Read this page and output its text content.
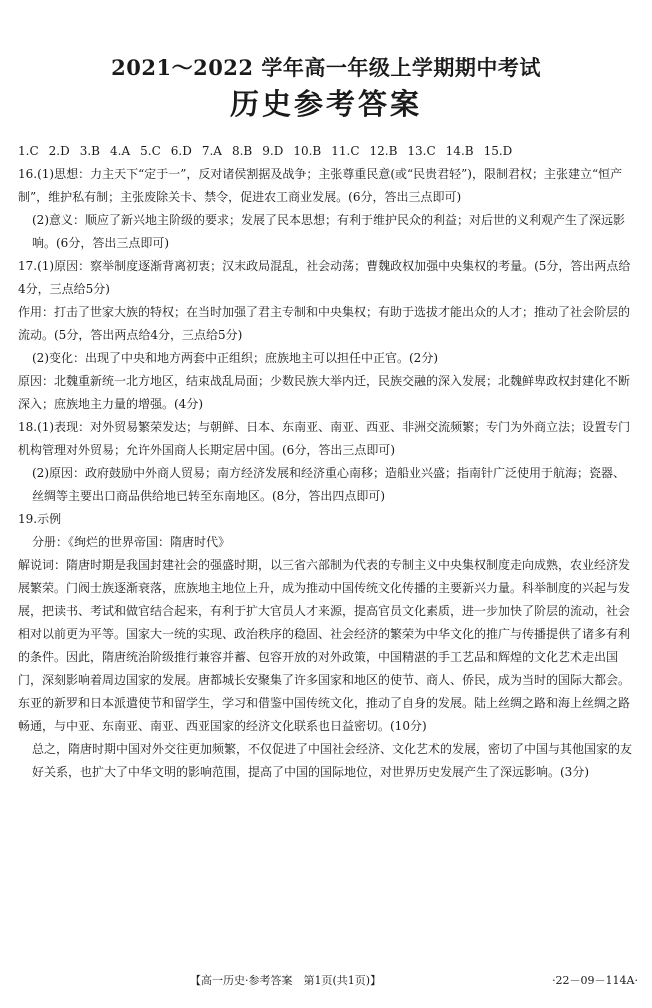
2021～2022 学年高一年级上学期期中考试
历史参考答案

1.C 2.D 3.B 4.A 5.C 6.D 7.A 8.B 9.D 10.B 11.C 12.B 13.C 14.B 15.D

16.(1)思想：力主天下“定于一”，反对诸侯割据及战争；主张尊重民意(或“民贵君轻”)，限制君权；主张建立“恒产制”，维护私有制；主张废除关卡、禁令，促进农工商业发展。(6分，答出三点即可)

(2)意义：顺应了新兴地主阶级的要求；发展了民本思想；有利于维护民众的利益；对后世的义利观产生了深远影响。(6分，答出三点即可)

17.(1)原因：察举制度逐渐背离初衷；汉末政局混乱，社会动荡；曹魏政权加强中央集权的考量。(5分，答出两点给4分，三点给5分)

作用：打击了世家大族的特权；在当时加强了君主专制和中央集权；有助于选拔才能出众的人才；推动了社会阶层的流动。(5分，答出两点给4分，三点给5分)

(2)变化：出现了中央和地方两套中正组织；庶族地主可以担任中正官。(2分)

原因：北魏重新统一北方地区，结束战乱局面；少数民族大举内迁，民族交融的深入发展；北魏鲜卑政权封建化不断深入；庶族地主力量的增强。(4分)

18.(1)表现：对外贸易繁荣发达；与朝鲜、日本、东南亚、南亚、西亚、非洲交流频繁；专门为外商立法；设置专门机构管理对外贸易；允许外国商人长期定居中国。(6分，答出三点即可)

(2)原因：政府鼓励中外商人贸易；南方经济发展和经济重心南移；造船业兴盛；指南针广泛使用于航海；瓷器、丝绸等主要出口商品供给地已转至东南地区。(8分，答出四点即可)

19.示例

分册：《绚烂的世界帝国：隋唐时代》

解说词：隋唐时期是我国封建社会的强盛时期，以三省六部制为代表的专制主义中央集权制度走向成熟，农业经济发展繁荣。门阀士族逐渐衰落，庶族地主地位上升，成为推动中国传统文化传播的主要新兴力量。科举制度的兴起与发展，把读书、考试和做官结合起来，有利于扩大官员人才来源，提高官员文化素质，进一步加快了阶层的流动，社会相对以前更为平等。国家大一统的实现、政治秩序的稳固、社会经济的繁荣为中华文化的推广与传播提供了诸多有利的条件。因此，隋唐统治阶级推行兼容并蓄、包容开放的对外政策，中国精湛的手工艺品和辉煌的文化艺术走出国门，深刻影响着周边国家的发展。唐都城长安聚集了许多国家和地区的使节、商人、侨民，成为当时的国际大都会。东亚的新罗和日本派遣使节和留学生，学习和借鉴中国传统文化，推动了自身的发展。陆上丝绸之路和海上丝绸之路畅通，与中亚、东南亚、南亚、西亚国家的经济文化联系也日益密切。(10分)

总之，隋唐时期中国对外交往更加频繁，不仅促进了中国社会经济、文化艺术的发展，密切了中国与其他国家的友好关系，也扩大了中华文明的影响范围，提高了中国的国际地位，对世界历史发展产生了深远影响。(3分)

【高一历史·参考答案　第1页(共1页)】	·22－09－114A·
